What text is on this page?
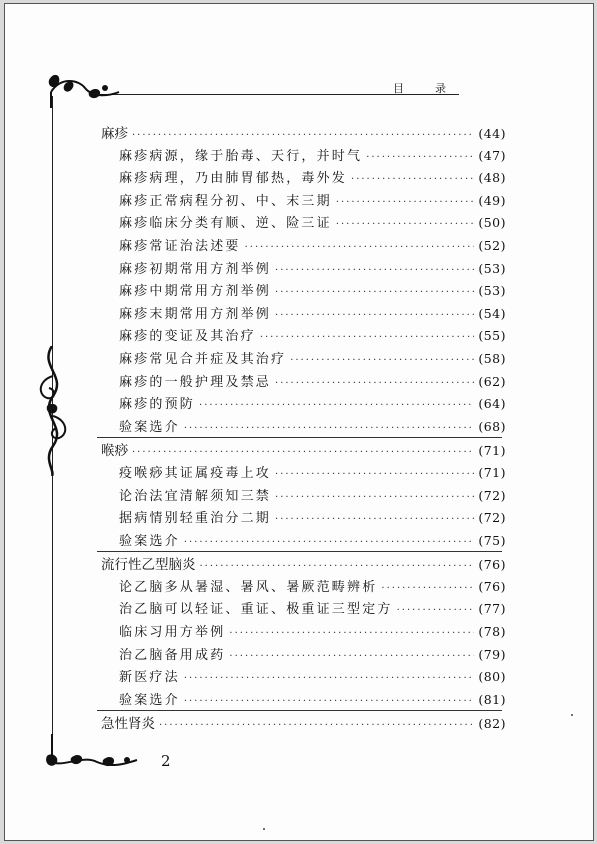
目　录
麻疹 ·····	(44)
麻疹病源，缘于胎毒、天行，并时气 ·····	(47)
麻疹病理，乃由肺胃郁热，毒外发 ·····	(48)
麻疹正常病程分初、中、末三期 ·····	(49)
麻疹临床分类有顺、逆、险三证 ·····	(50)
麻疹常证治法述要 ·····	(52)
麻疹初期常用方剂举例 ·····	(53)
麻疹中期常用方剂举例 ·····	(53)
麻疹末期常用方剂举例 ·····	(54)
麻疹的变证及其治疗 ·····	(55)
麻疹常见合并症及其治疗 ·····	(58)
麻疹的一般护理及禁忌 ·····	(62)
麻疹的预防 ·····	(64)
验案选介 ·····	(68)
喉痧 ·····	(71)
疫喉痧其证属疫毒上攻 ·····	(71)
论治法宜清解须知三禁 ·····	(72)
据病情别轻重治分二期 ·····	(72)
验案选介 ·····	(75)
流行性乙型脑炎 ·····	(76)
论乙脑多从暑湿、暑风、暑厥范畴辨析 ·····	(76)
治乙脑可以轻证、重证、极重证三型定方 ·····	(77)
临床习用方举例 ·····	(78)
治乙脑备用成药 ·····	(79)
新医疗法 ·····	(80)
验案选介 ·····	(81)
急性肾炎 ·····	(82)
2
